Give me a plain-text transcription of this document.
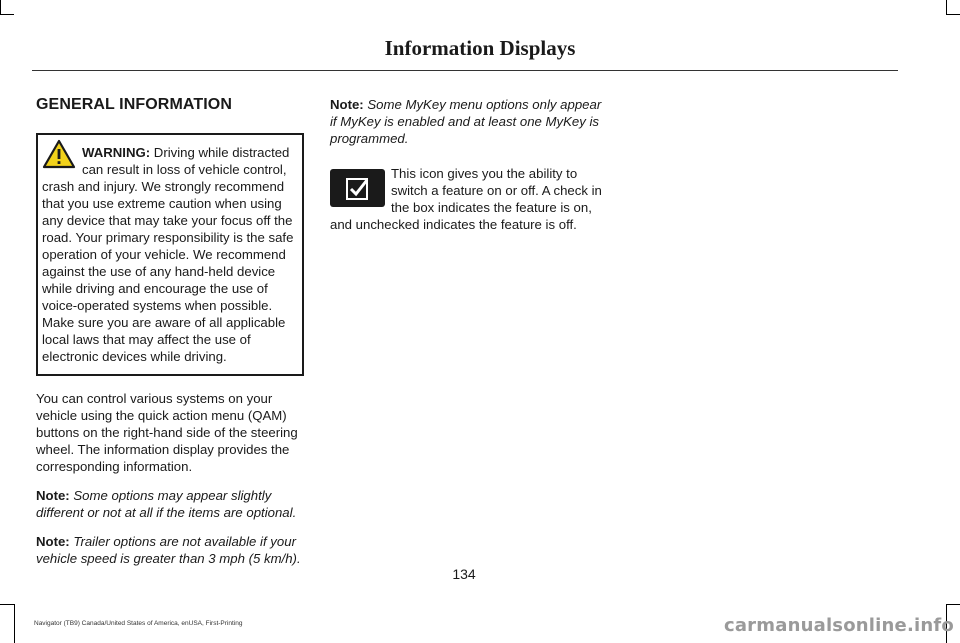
Information Displays
GENERAL INFORMATION
WARNING: Driving while distracted can result in loss of vehicle control, crash and injury. We strongly recommend that you use extreme caution when using any device that may take your focus off the road. Your primary responsibility is the safe operation of your vehicle. We recommend against the use of any hand-held device while driving and encourage the use of voice-operated systems when possible. Make sure you are aware of all applicable local laws that may affect the use of electronic devices while driving.

You can control various systems on your vehicle using the quick action menu (QAM) buttons on the right-hand side of the steering wheel. The information display provides the corresponding information.

Note: Some options may appear slightly different or not at all if the items are optional.

Note: Trailer options are not available if your vehicle speed is greater than 3 mph (5 km/h).

Note: Some MyKey menu options only appear if MyKey is enabled and at least one MyKey is programmed.

This icon gives you the ability to switch a feature on or off. A check in the box indicates the feature is on, and unchecked indicates the feature is off.

134
Navigator (TB9) Canada/United States of America, enUSA, First-Printing	carmanualsonline.info
